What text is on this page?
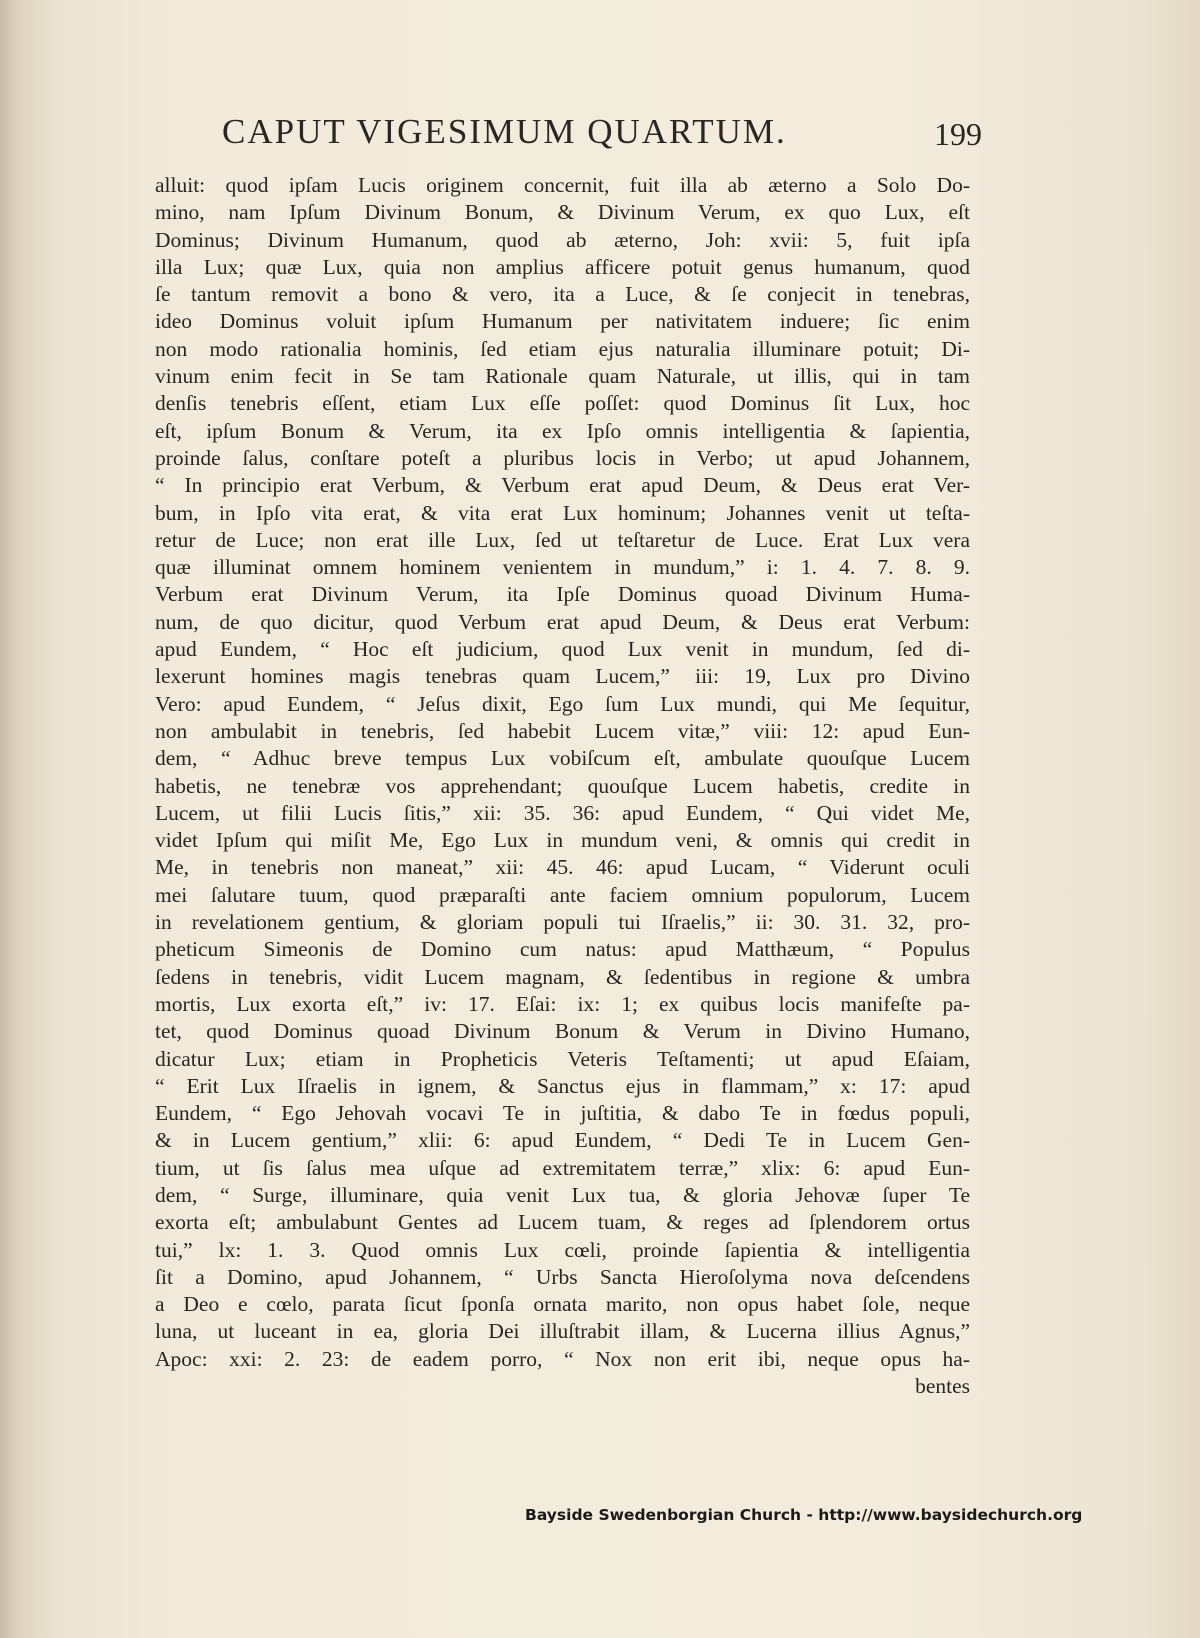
CAPUT VIGESIMUM QUARTUM.	199
alluit: quod ipſam Lucis originem concernit, fuit illa ab æterno a Solo Do-
mino, nam Ipſum Divinum Bonum, & Divinum Verum, ex quo Lux, eſt
Dominus; Divinum Humanum, quod ab æterno, Joh: xvii: 5, fuit ipſa
illa Lux; quæ Lux, quia non amplius afficere potuit genus humanum, quod
ſe tantum removit a bono & vero, ita a Luce, & ſe conjecit in tenebras,
ideo Dominus voluit ipſum Humanum per nativitatem induere; ſic enim
non modo rationalia hominis, ſed etiam ejus naturalia illuminare potuit; Di-
vinum enim fecit in Se tam Rationale quam Naturale, ut illis, qui in tam
denſis tenebris eſſent, etiam Lux eſſe poſſet: quod Dominus ſit Lux, hoc
eſt, ipſum Bonum & Verum, ita ex Ipſo omnis intelligentia & ſapientia,
proinde ſalus, conſtare poteſt a pluribus locis in Verbo; ut apud Johannem,
“ In principio erat Verbum, & Verbum erat apud Deum, & Deus erat Ver-
bum, in Ipſo vita erat, & vita erat Lux hominum; Johannes venit ut teſta-
retur de Luce; non erat ille Lux, ſed ut teſtaretur de Luce. Erat Lux vera
quæ illuminat omnem hominem venientem in mundum,” i: 1. 4. 7. 8. 9.
Verbum erat Divinum Verum, ita Ipſe Dominus quoad Divinum Huma-
num, de quo dicitur, quod Verbum erat apud Deum, & Deus erat Verbum:
apud Eundem, “ Hoc eſt judicium, quod Lux venit in mundum, ſed di-
lexerunt homines magis tenebras quam Lucem,” iii: 19, Lux pro Divino
Vero: apud Eundem, “ Jeſus dixit, Ego ſum Lux mundi, qui Me ſequitur,
non ambulabit in tenebris, ſed habebit Lucem vitæ,” viii: 12: apud Eun-
dem, “ Adhuc breve tempus Lux vobiſcum eſt, ambulate quouſque Lucem
habetis, ne tenebræ vos apprehendant; quouſque Lucem habetis, credite in
Lucem, ut filii Lucis ſitis,” xii: 35. 36: apud Eundem, “ Qui videt Me,
videt Ipſum qui miſit Me, Ego Lux in mundum veni, & omnis qui credit in
Me, in tenebris non maneat,” xii: 45. 46: apud Lucam, “ Viderunt oculi
mei ſalutare tuum, quod præparaſti ante faciem omnium populorum, Lucem
in revelationem gentium, & gloriam populi tui Iſraelis,” ii: 30. 31. 32, pro-
pheticum Simeonis de Domino cum natus: apud Matthæum, “ Populus
ſedens in tenebris, vidit Lucem magnam, & ſedentibus in regione & umbra
mortis, Lux exorta eſt,” iv: 17. Eſai: ix: 1; ex quibus locis manifeſte pa-
tet, quod Dominus quoad Divinum Bonum & Verum in Divino Humano,
dicatur Lux; etiam in Propheticis Veteris Teſtamenti; ut apud Eſaiam,
“ Erit Lux Iſraelis in ignem, & Sanctus ejus in flammam,” x: 17: apud
Eundem, “ Ego Jehovah vocavi Te in juſtitia, & dabo Te in fœdus populi,
& in Lucem gentium,” xlii: 6: apud Eundem, “ Dedi Te in Lucem Gen-
tium, ut ſis ſalus mea uſque ad extremitatem terræ,” xlix: 6: apud Eun-
dem, “ Surge, illuminare, quia venit Lux tua, & gloria Jehovæ ſuper Te
exorta eſt; ambulabunt Gentes ad Lucem tuam, & reges ad ſplendorem ortus
tui,” lx: 1. 3. Quod omnis Lux cœli, proinde ſapientia & intelligentia
ſit a Domino, apud Johannem, “ Urbs Sancta Hieroſolyma nova deſcendens
a Deo e cœlo, parata ſicut ſponſa ornata marito, non opus habet ſole, neque
luna, ut luceant in ea, gloria Dei illuſtrabit illam, & Lucerna illius Agnus,”
Apoc: xxi: 2. 23: de eadem porro, “ Nox non erit ibi, neque opus ha-
bentes
Bayside Swedenborgian Church - http://www.baysidechurch.org
